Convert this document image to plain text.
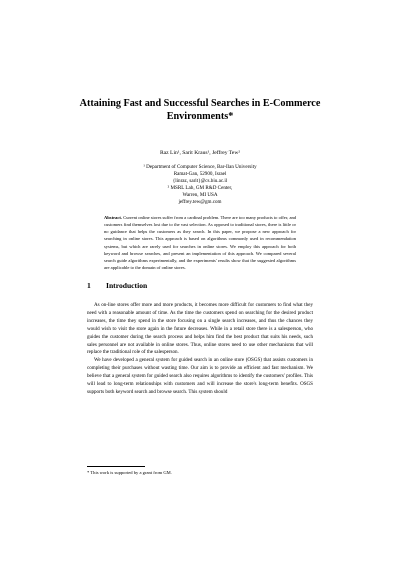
Attaining Fast and Successful Searches in E-Commerce Environments*
Raz Lin¹, Sarit Kraus¹, Jeffrey Tew²
¹ Department of Computer Science, Bar-Ilan University
Ramat-Gan, 52900, Israel
{linraz, sarit}@cs.biu.ac.il
² MSRL Lab, GM R&D Center,
Warren, MI USA
jeffrey.tew@gm.com
Abstract. Current online stores suffer from a cardinal problem. There are too many products to offer, and customers find themselves lost due to the vast selection. As opposed to traditional stores, there is little or no guidance that helps the customers as they search. In this paper, we propose a new approach for searching in online stores. This approach is based on algorithms commonly used in recommendation systems, but which are rarely used for searches in online stores. We employ this approach for both keyword and browse searches, and present an implementation of this approach. We compared several search guide algorithms experimentally, and the experiments' results show that the suggested algorithms are applicable to the domain of online stores.
1 Introduction

As on-line stores offer more and more products, it becomes more difficult for customers to find what they need with a reasonable amount of time. As the time the customers spend on searching for the desired product increases, the time they spend in the store focusing on a single search increases, and thus the chances they would wish to visit the store again in the future decreases. While in a retail store there is a salesperson, who guides the customer during the search process and helps him find the best product that suits his needs, such sales personnel are not available in online stores. Thus, online stores need to use other mechanisms that will replace the traditional role of the salesperson.

We have developed a general system for guided search in an online store (OSGS) that assists customers in completing their purchases without wasting time. Our aim is to provide an efficient and fast mechanism. We believe that a general system for guided search also requires algorithms to identify the customers' profiles. This will lead to long-term relationships with customers and will increase the store's long-term benefits. OSGS supports both keyword search and browse search. This system should

* This work is supported by a grant from GM.
